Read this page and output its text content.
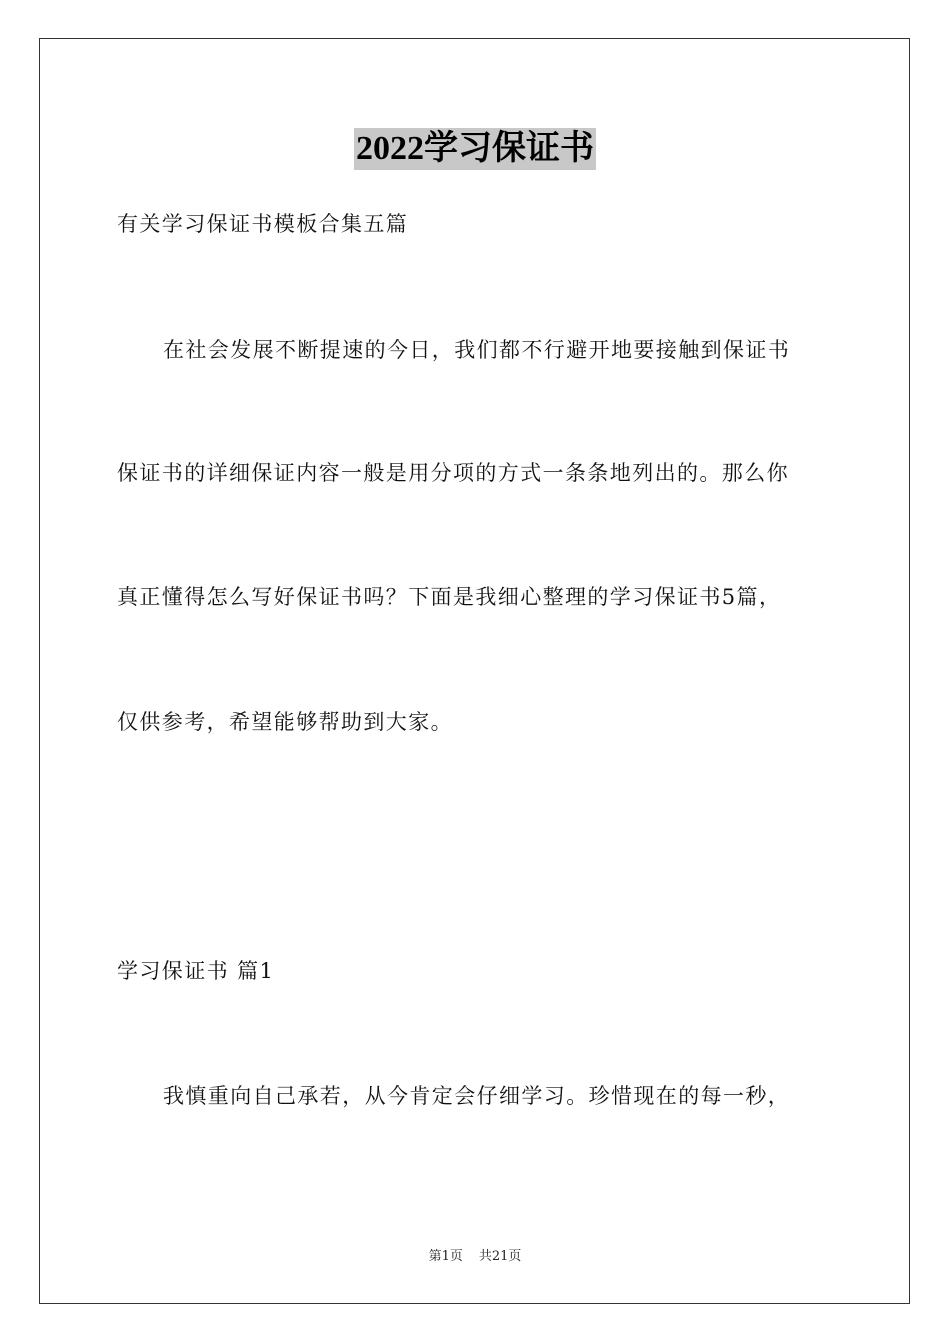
2022学习保证书
有关学习保证书模板合集五篇
在社会发展不断提速的今日，我们都不行避开地要接触到保证书
保证书的详细保证内容一般是用分项的方式一条条地列出的。那么你
真正懂得怎么写好保证书吗？下面是我细心整理的学习保证书5篇，
仅供参考，希望能够帮助到大家。
学习保证书 篇1
我慎重向自己承若，从今肯定会仔细学习。珍惜现在的每一秒，
第1页 共21页
